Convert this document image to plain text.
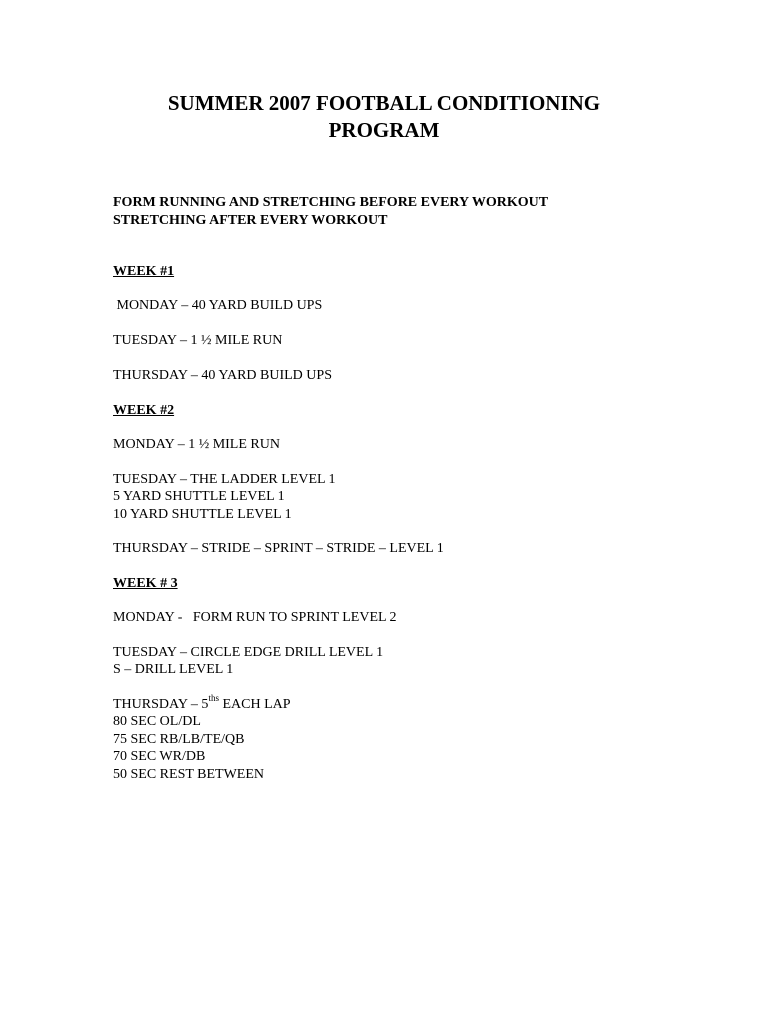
SUMMER 2007 FOOTBALL CONDITIONING
PROGRAM
FORM RUNNING AND STRETCHING BEFORE EVERY WORKOUT
STRETCHING AFTER EVERY WORKOUT
WEEK #1
MONDAY – 40 YARD BUILD UPS
TUESDAY – 1 ½ MILE RUN
THURSDAY – 40 YARD BUILD UPS
WEEK #2
MONDAY – 1 ½ MILE RUN
TUESDAY – THE LADDER LEVEL 1
5 YARD SHUTTLE LEVEL 1
10 YARD SHUTTLE LEVEL 1
THURSDAY – STRIDE – SPRINT – STRIDE – LEVEL 1
WEEK # 3
MONDAY -   FORM RUN TO SPRINT LEVEL 2
TUESDAY – CIRCLE EDGE DRILL LEVEL 1
S – DRILL LEVEL 1
THURSDAY – $5^{ths}$ EACH LAP
80 SEC OL/DL
75 SEC RB/LB/TE/QB
70 SEC WR/DB
50 SEC REST BETWEEN
